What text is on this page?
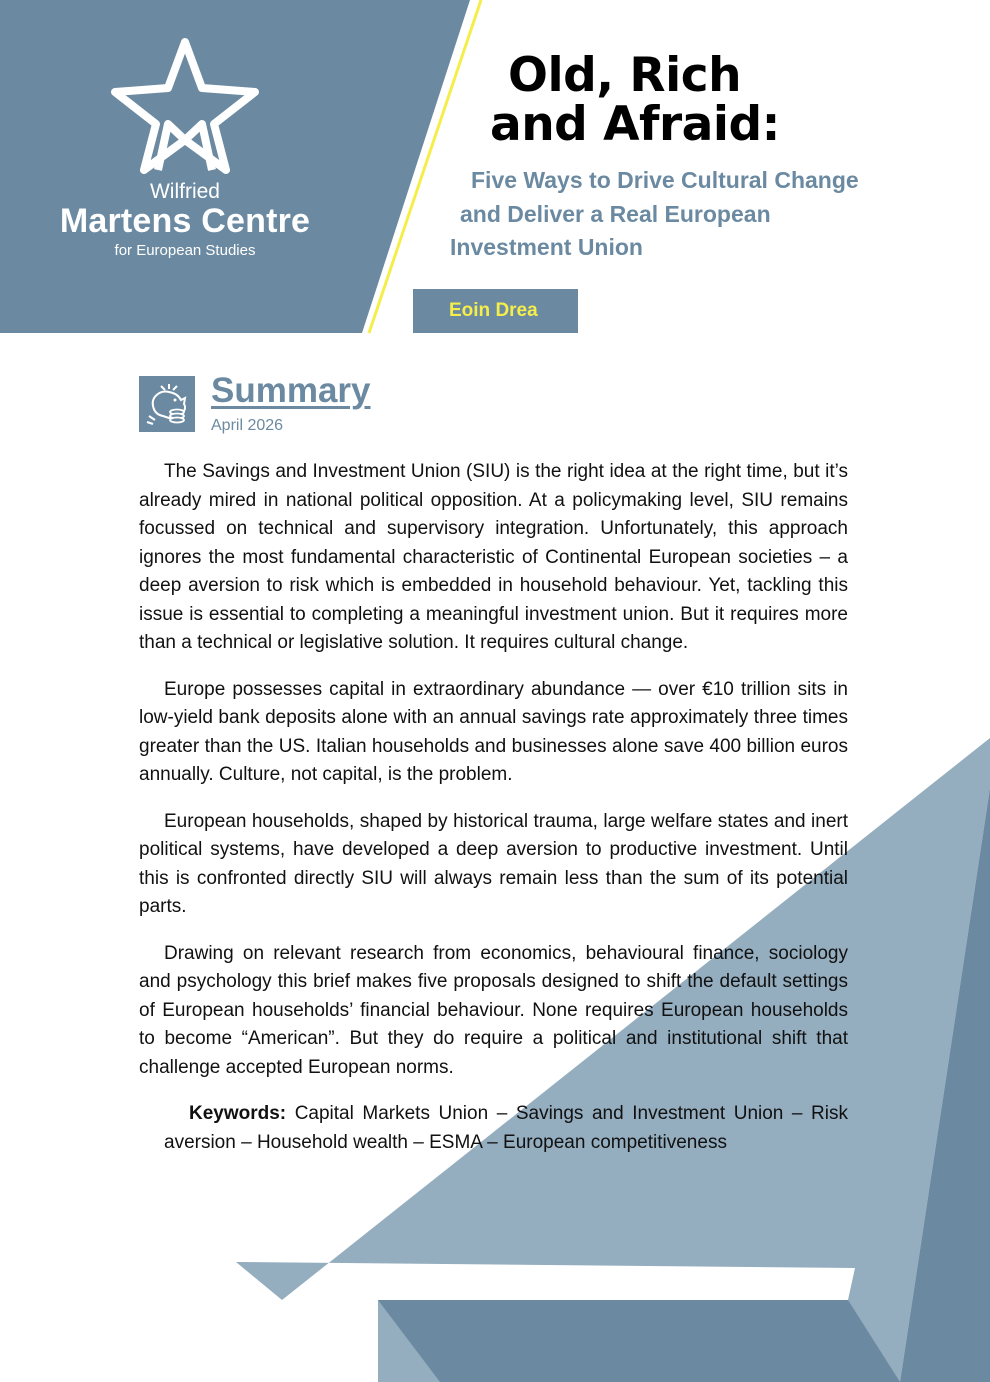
Wilfried
Martens Centre
for European Studies
Old, Rich
and Afraid:
Five Ways to Drive Cultural Change
and Deliver a Real European
Investment Union
Eoin Drea
Summary
April 2026

The Savings and Investment Union (SIU) is the right idea at the right time, but it’s already mired in national political opposition. At a policymaking level, SIU remains focussed on technical and supervisory integration. Unfortunately, this approach ignores the most fundamental characteristic of Continental European societies – a deep aversion to risk which is embedded in household behaviour. Yet, tackling this issue is essential to completing a meaningful investment union. But it requires more than a technical or legislative solution. It requires cultural change.

Europe possesses capital in extraordinary abundance — over €10 trillion sits in low-yield bank deposits alone with an annual savings rate approximately three times greater than the US. Italian households and businesses alone save 400 billion euros annually. Culture, not capital, is the problem.

European households, shaped by historical trauma, large welfare states and inert political systems, have developed a deep aversion to productive investment. Until this is confronted directly SIU will always remain less than the sum of its potential parts.

Drawing on relevant research from economics, behavioural finance, sociology and psychology this brief makes five proposals designed to shift the default settings of European households’ financial behaviour. None requires European households to become “American”. But they do require a political and institutional shift that challenge accepted European norms.

Keywords: Capital Markets Union – Savings and Investment Union – Risk aversion – Household wealth – ESMA – European competitiveness
